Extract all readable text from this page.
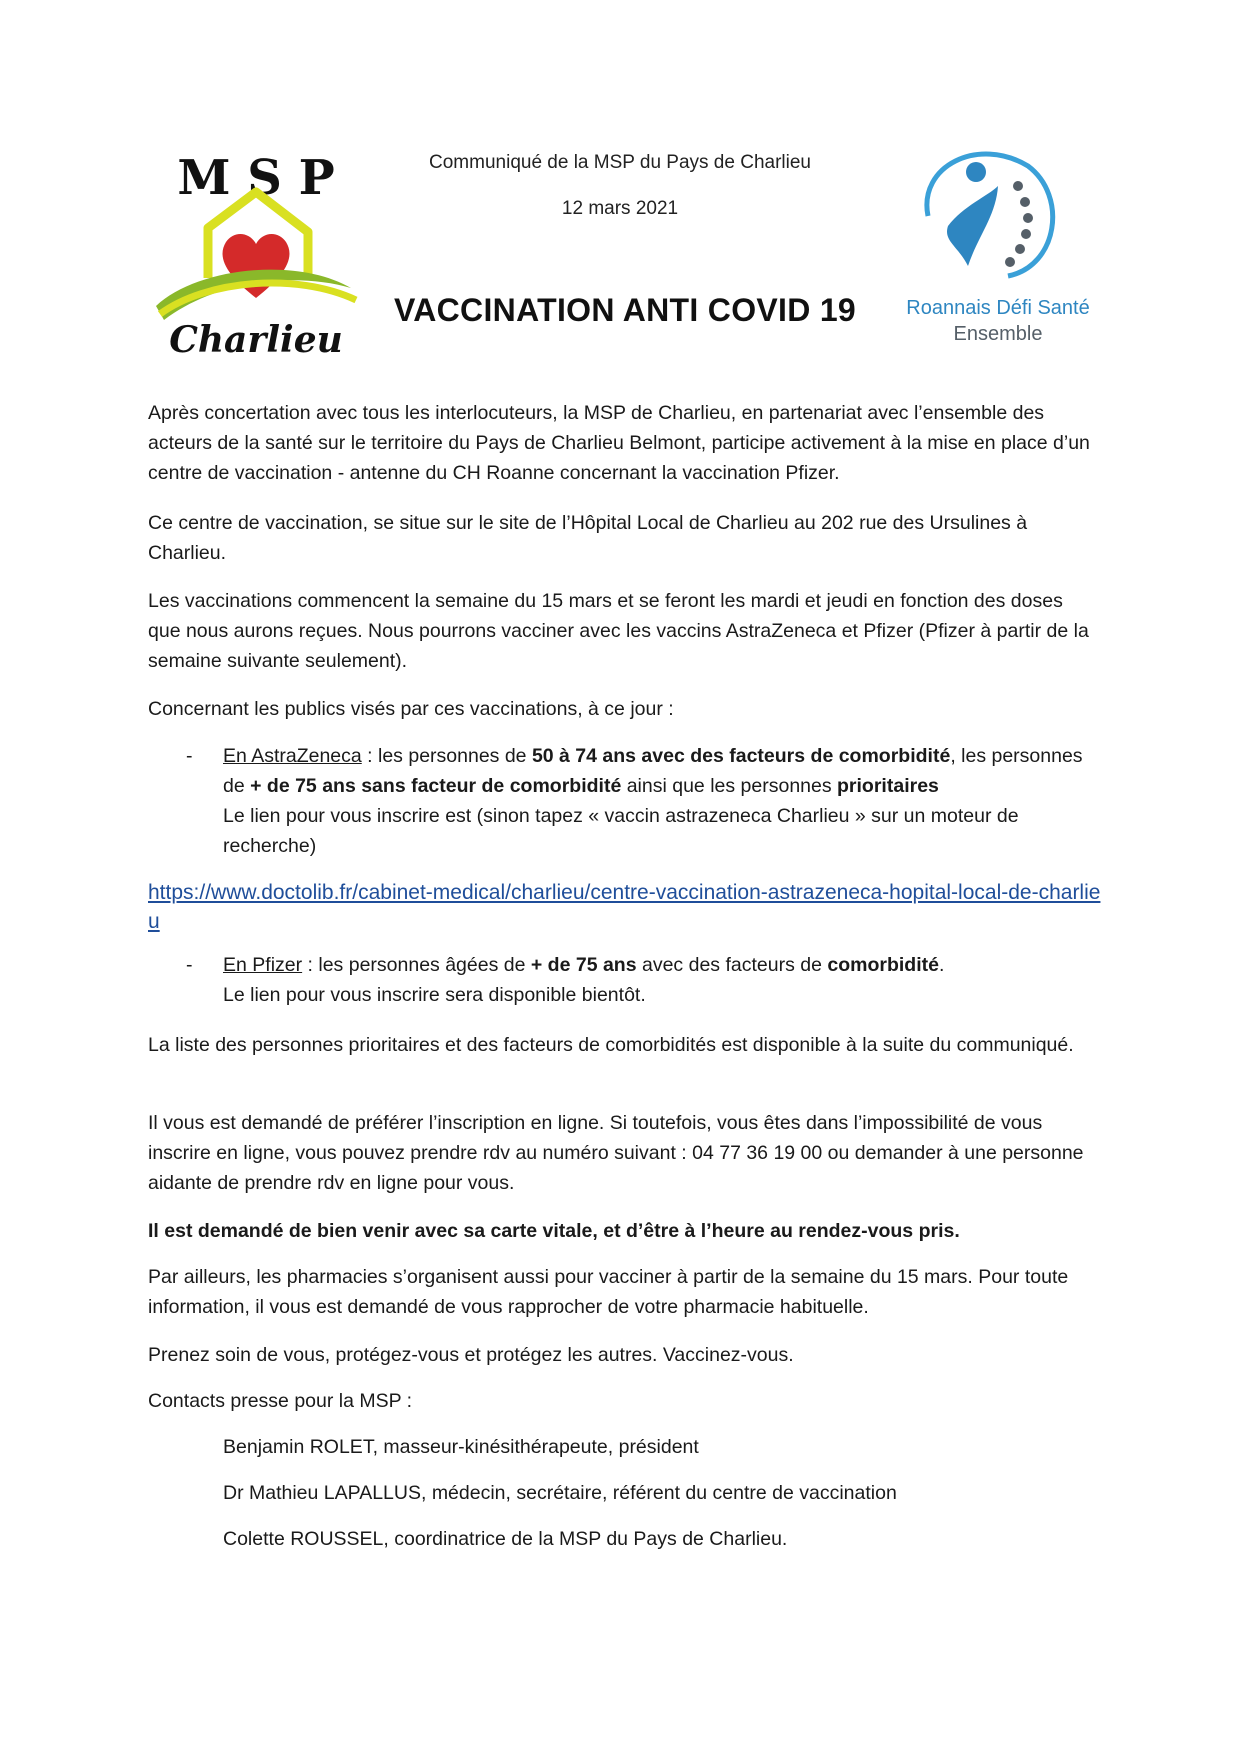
M S P
Charlieu
Roannais Défi Santé
Ensemble
Communiqué de la MSP du Pays de Charlieu
12 mars 2021
VACCINATION ANTI COVID 19

Après concertation avec tous les interlocuteurs, la MSP de Charlieu, en partenariat avec l’ensemble des acteurs de la santé sur le territoire du Pays de Charlieu Belmont, participe activement à la mise en place d’un centre de vaccination - antenne du CH Roanne concernant la vaccination Pfizer.

Ce centre de vaccination, se situe sur le site de l’Hôpital Local de Charlieu au 202 rue des Ursulines à Charlieu.

Les vaccinations commencent la semaine du 15 mars et se feront les mardi et jeudi en fonction des doses que nous aurons reçues. Nous pourrons vacciner avec les vaccins AstraZeneca et Pfizer (Pfizer à partir de la semaine suivante seulement).

Concernant les publics visés par ces vaccinations, à ce jour :

- En AstraZeneca : les personnes de 50 à 74 ans avec des facteurs de comorbidité, les personnes de + de 75 ans sans facteur de comorbidité ainsi que les personnes prioritaires
Le lien pour vous inscrire est (sinon tapez « vaccin astrazeneca Charlieu » sur un moteur de recherche)

https://www.doctolib.fr/cabinet-medical/charlieu/centre-vaccination-astrazeneca-hopital-local-de-charlieu
- En Pfizer : les personnes âgées de + de 75 ans avec des facteurs de comorbidité.
Le lien pour vous inscrire sera disponible bientôt.

La liste des personnes prioritaires et des facteurs de comorbidités est disponible à la suite du communiqué.

Il vous est demandé de préférer l’inscription en ligne. Si toutefois, vous êtes dans l’impossibilité de vous inscrire en ligne, vous pouvez prendre rdv au numéro suivant : 04 77 36 19 00 ou demander à une personne aidante de prendre rdv en ligne pour vous.

Il est demandé de bien venir avec sa carte vitale, et d’être à l’heure au rendez-vous pris.

Par ailleurs, les pharmacies s’organisent aussi pour vacciner à partir de la semaine du 15 mars. Pour toute information, il vous est demandé de vous rapprocher de votre pharmacie habituelle.

Prenez soin de vous, protégez-vous et protégez les autres. Vaccinez-vous.

Contacts presse pour la MSP :

Benjamin ROLET, masseur-kinésithérapeute, président

Dr Mathieu LAPALLUS, médecin, secrétaire, référent du centre de vaccination

Colette ROUSSEL, coordinatrice de la MSP du Pays de Charlieu.
